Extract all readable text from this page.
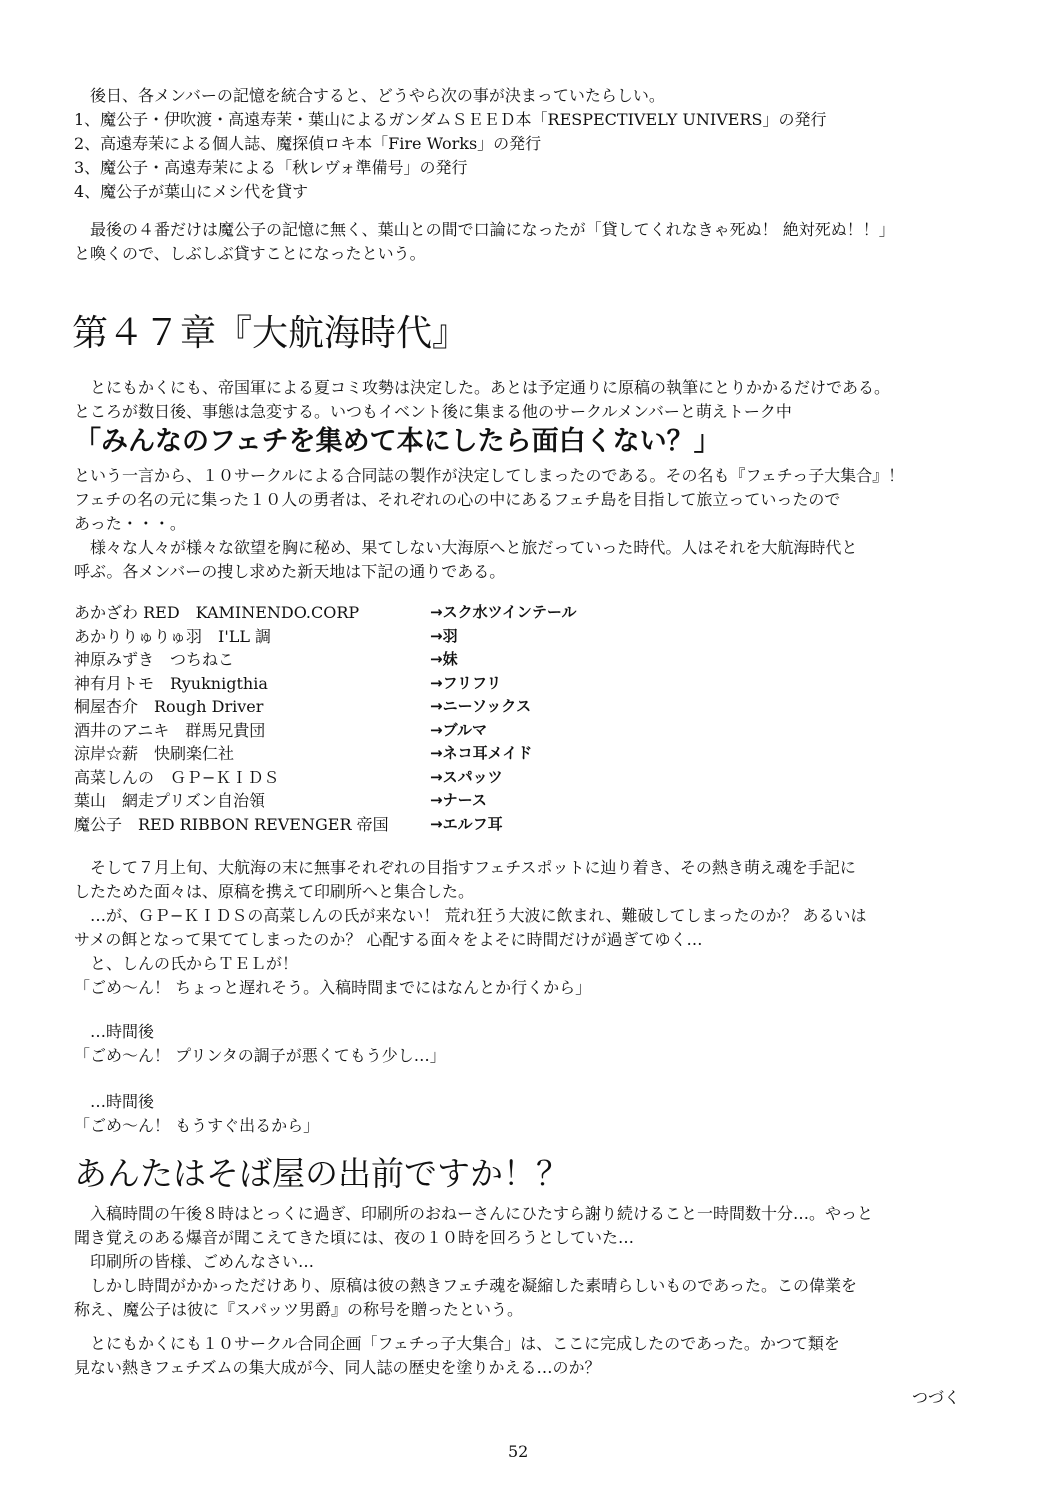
後日、各メンバーの記憶を統合すると、どうやら次の事が決まっていたらしい。

1、魔公子・伊吹渡・高遠寿茉・葉山によるガンダムＳＥＥＤ本「RESPECTIVELY UNIVERS」の発行

2、高遠寿茉による個人誌、魔探偵ロキ本「Fire Works」の発行

3、魔公子・高遠寿茉による「秋レヴォ準備号」の発行

4、魔公子が葉山にメシ代を貸す

最後の４番だけは魔公子の記憶に無く、葉山との間で口論になったが「貸してくれなきゃ死ぬ！ 絶対死ぬ！！」

と喚くので、しぶしぶ貸すことになったという。

第４７章『大航海時代』

とにもかくにも、帝国軍による夏コミ攻勢は決定した。あとは予定通りに原稿の執筆にとりかかるだけである。

ところが数日後、事態は急変する。いつもイベント後に集まる他のサークルメンバーと萌えトーク中

「みんなのフェチを集めて本にしたら面白くない？」

という一言から、１０サークルによる合同誌の製作が決定してしまったのである。その名も『フェチっ子大集合』！

フェチの名の元に集った１０人の勇者は、それぞれの心の中にあるフェチ島を目指して旅立っていったので

あった・・・。

様々な人々が様々な欲望を胸に秘め、果てしない大海原へと旅だっていった時代。人はそれを大航海時代と

呼ぶ。各メンバーの捜し求めた新天地は下記の通りである。

あかざわ RED　KAMINENDO.CORP	→スク水ツインテール
あかりりゅりゅ羽　I'LL 調	→羽
神原みずき　つちねこ	→妹
神有月トモ　Ryuknigthia	→フリフリ
桐屋杏介　Rough Driver	→ニーソックス
酒井のアニキ　群馬兄貴団	→ブルマ
涼岸☆薪　快刷楽仁社	→ネコ耳メイド
高菜しんの　ＧＰ−ＫＩＤＳ	→スパッツ
葉山　網走プリズン自治領	→ナース
魔公子　RED RIBBON REVENGER 帝国	→エルフ耳

そして７月上旬、大航海の末に無事それぞれの目指すフェチスポットに辿り着き、その熱き萌え魂を手記に

したためた面々は、原稿を携えて印刷所へと集合した。

…が、ＧＰ−ＫＩＤＳの高菜しんの氏が来ない！ 荒れ狂う大波に飲まれ、難破してしまったのか？ あるいは

サメの餌となって果ててしまったのか？ 心配する面々をよそに時間だけが過ぎてゆく…

と、しんの氏からＴＥＬが！

「ごめ〜ん！ ちょっと遅れそう。入稿時間までにはなんとか行くから」

…時間後

「ごめ〜ん！ プリンタの調子が悪くてもう少し…」

…時間後

「ごめ〜ん！ もうすぐ出るから」

あんたはそば屋の出前ですか！？

入稿時間の午後８時はとっくに過ぎ、印刷所のおねーさんにひたすら謝り続けること一時間数十分…。やっと

聞き覚えのある爆音が聞こえてきた頃には、夜の１０時を回ろうとしていた…

印刷所の皆様、ごめんなさい…

しかし時間がかかっただけあり、原稿は彼の熱きフェチ魂を凝縮した素晴らしいものであった。この偉業を

称え、魔公子は彼に『スパッツ男爵』の称号を贈ったという。

とにもかくにも１０サークル合同企画「フェチっ子大集合」は、ここに完成したのであった。かつて類を

見ない熱きフェチズムの集大成が今、同人誌の歴史を塗りかえる…のか？

つづく
52
